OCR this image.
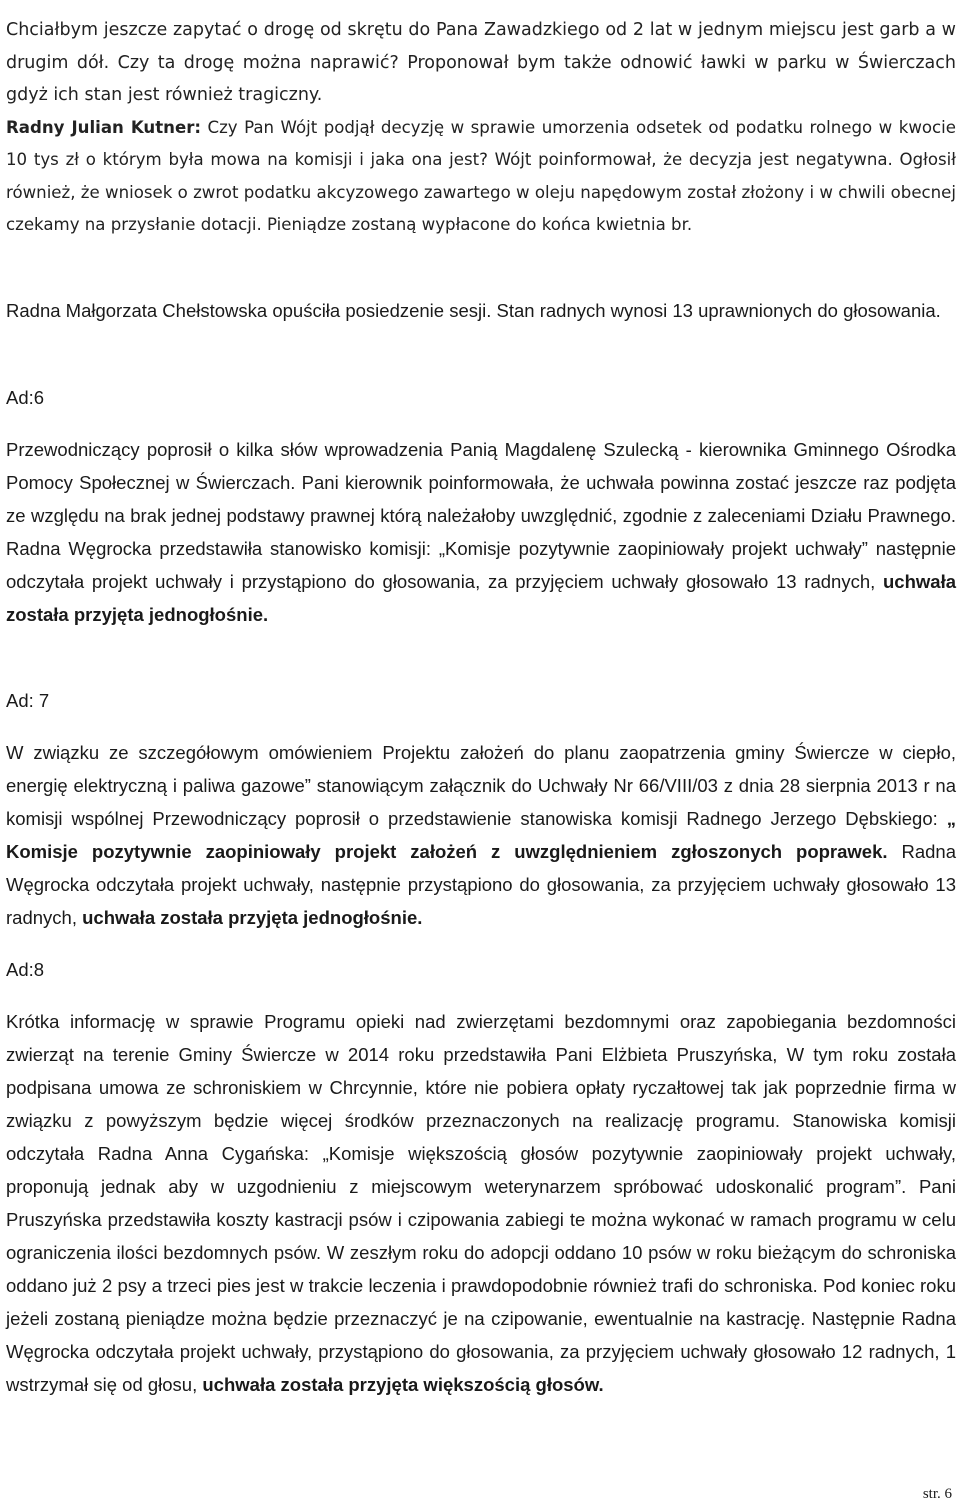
Chciałbym jeszcze zapytać o drogę od skrętu do Pana Zawadzkiego od 2 lat w jednym miejscu jest garb a w drugim dół. Czy ta drogę można naprawić? Proponował bym także odnowić ławki w parku w Świerczach gdyż ich stan jest również tragiczny.

Radny Julian Kutner: Czy Pan Wójt podjął decyzję w sprawie umorzenia odsetek od podatku rolnego w kwocie 10 tys zł o którym była mowa na komisji i jaka ona jest? Wójt poinformował, że decyzja jest negatywna. Ogłosił również, że wniosek o zwrot podatku akcyzowego zawartego w oleju napędowym został złożony i w chwili obecnej czekamy na przysłanie dotacji. Pieniądze zostaną wypłacone do końca kwietnia br.

Radna Małgorzata Chełstowska opuściła posiedzenie sesji. Stan radnych wynosi 13 uprawnionych do głosowania.

Ad:6

Przewodniczący poprosił o kilka słów wprowadzenia Panią Magdalenę Szulecką - kierownika Gminnego Ośrodka Pomocy Społecznej w Świerczach. Pani kierownik poinformowała, że uchwała powinna zostać jeszcze raz podjęta ze względu na brak jednej podstawy prawnej którą należałoby uwzględnić, zgodnie z zaleceniami Działu Prawnego. Radna Węgrocka przedstawiła stanowisko komisji: „Komisje pozytywnie zaopiniowały projekt uchwały” następnie odczytała projekt uchwały i przystąpiono do głosowania, za przyjęciem uchwały głosowało 13 radnych, uchwała została przyjęta jednogłośnie.

Ad: 7

W związku ze szczegółowym omówieniem Projektu założeń do planu zaopatrzenia gminy Świercze w ciepło, energię elektryczną i paliwa gazowe” stanowiącym załącznik do Uchwały Nr 66/VIII/03 z dnia 28 sierpnia 2013 r na komisji wspólnej Przewodniczący poprosił o przedstawienie stanowiska komisji Radnego Jerzego Dębskiego: „ Komisje pozytywnie zaopiniowały projekt założeń z uwzględnieniem zgłoszonych poprawek. Radna Węgrocka odczytała projekt uchwały, następnie przystąpiono do głosowania, za przyjęciem uchwały głosowało 13 radnych, uchwała została przyjęta jednogłośnie.

Ad:8

Krótka informację w sprawie Programu opieki nad zwierzętami bezdomnymi oraz zapobiegania bezdomności zwierząt na terenie Gminy Świercze w 2014 roku przedstawiła Pani Elżbieta Pruszyńska, W tym roku została podpisana umowa ze schroniskiem w Chrcynnie, które nie pobiera opłaty ryczałtowej tak jak poprzednie firma w związku z powyższym będzie więcej środków przeznaczonych na realizację programu. Stanowiska komisji odczytała Radna Anna Cygańska: „Komisje większością głosów pozytywnie zaopiniowały projekt uchwały, proponują jednak aby w uzgodnieniu z miejscowym weterynarzem spróbować udoskonalić program”. Pani Pruszyńska przedstawiła koszty kastracji psów i czipowania zabiegi te można wykonać w ramach programu w celu ograniczenia ilości bezdomnych psów. W zeszłym roku do adopcji oddano 10 psów w roku bieżącym do schroniska oddano już 2 psy a trzeci pies jest w trakcie leczenia i prawdopodobnie również trafi do schroniska. Pod koniec roku jeżeli zostaną pieniądze można będzie przeznaczyć je na czipowanie, ewentualnie na kastrację. Następnie Radna Węgrocka odczytała projekt uchwały, przystąpiono do głosowania, za przyjęciem uchwały głosowało 12 radnych, 1 wstrzymał się od głosu, uchwała została przyjęta większością głosów.

str. 6
